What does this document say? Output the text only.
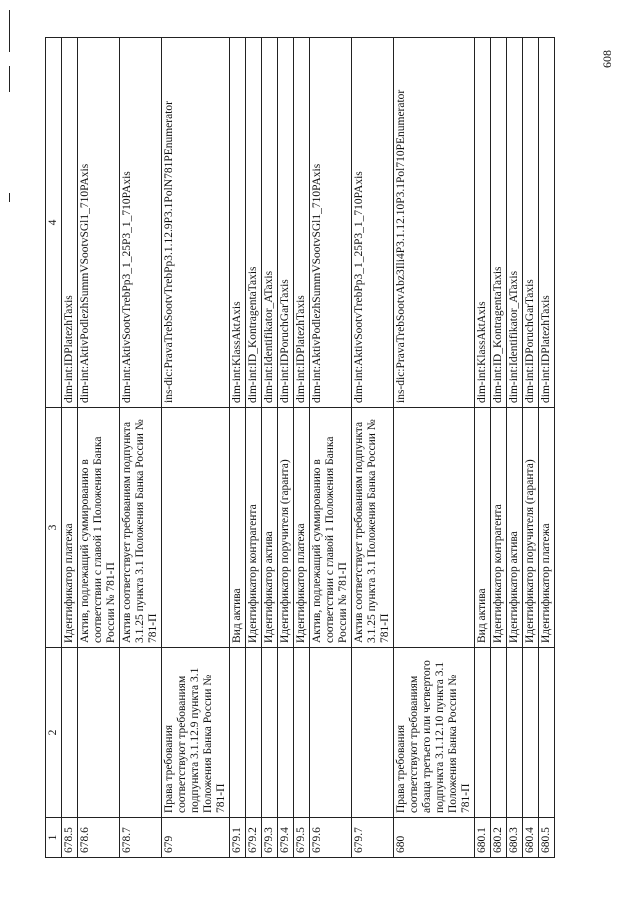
1	2	3	4
678.5		Идентификатор платежа	dim-int:IDPlatezhTaxis
678.6		Актив, подлежащий суммированию в соответствии с главой 1 Положения Банка России № 781-П	dim-int:AktivPodlezhSummVSootvSGl1_710PAxis
678.7		Актив соответствует требованиям подпункта 3.1.25 пункта 3.1 Положения Банка России № 781-П	dim-int:AktivSootvTrebPp3_1_25P3_1_710PAxis
679	Права требования соответствуют требованиям подпункта 3.1.12.9 пункта 3.1 Положения Банка России № 781-П		ins-dic:PravaTrebSootvTrebPp3.1.12.9P3.1PolN781PEnumerator
679.1		Вид актива	dim-int:KlassAktAxis
679.2		Идентификатор контрагента	dim-int:ID_KontragentaTaxis
679.3		Идентификатор актива	dim-int:Identifikator_ATaxis
679.4		Идентификатор поручителя (гаранта)	dim-int:IDPoruchGarTaxis
679.5		Идентификатор платежа	dim-int:IDPlatezhTaxis
679.6		Актив, подлежащий суммированию в соответствии с главой 1 Положения Банка России № 781-П	dim-int:AktivPodlezhSummVSootvSGl1_710PAxis
679.7		Актив соответствует требованиям подпункта 3.1.25 пункта 3.1 Положения Банка России № 781-П	dim-int:AktivSootvTrebPp3_1_25P3_1_710PAxis
680	Права требования соответствуют требованиям абзаца третьего или четвертого подпункта 3.1.12.10 пункта 3.1 Положения Банка России № 781-П		ins-dic:PravaTrebSootvAbz3Ili4P3.1.12.10P3.1Pol710PEnumerator
680.1		Вид актива	dim-int:KlassAktAxis
680.2		Идентификатор контрагента	dim-int:ID_KontragentaTaxis
680.3		Идентификатор актива	dim-int:Identifikator_ATaxis
680.4		Идентификатор поручителя (гаранта)	dim-int:IDPoruchGarTaxis
680.5		Идентификатор платежа	dim-int:IDPlatezhTaxis
608
